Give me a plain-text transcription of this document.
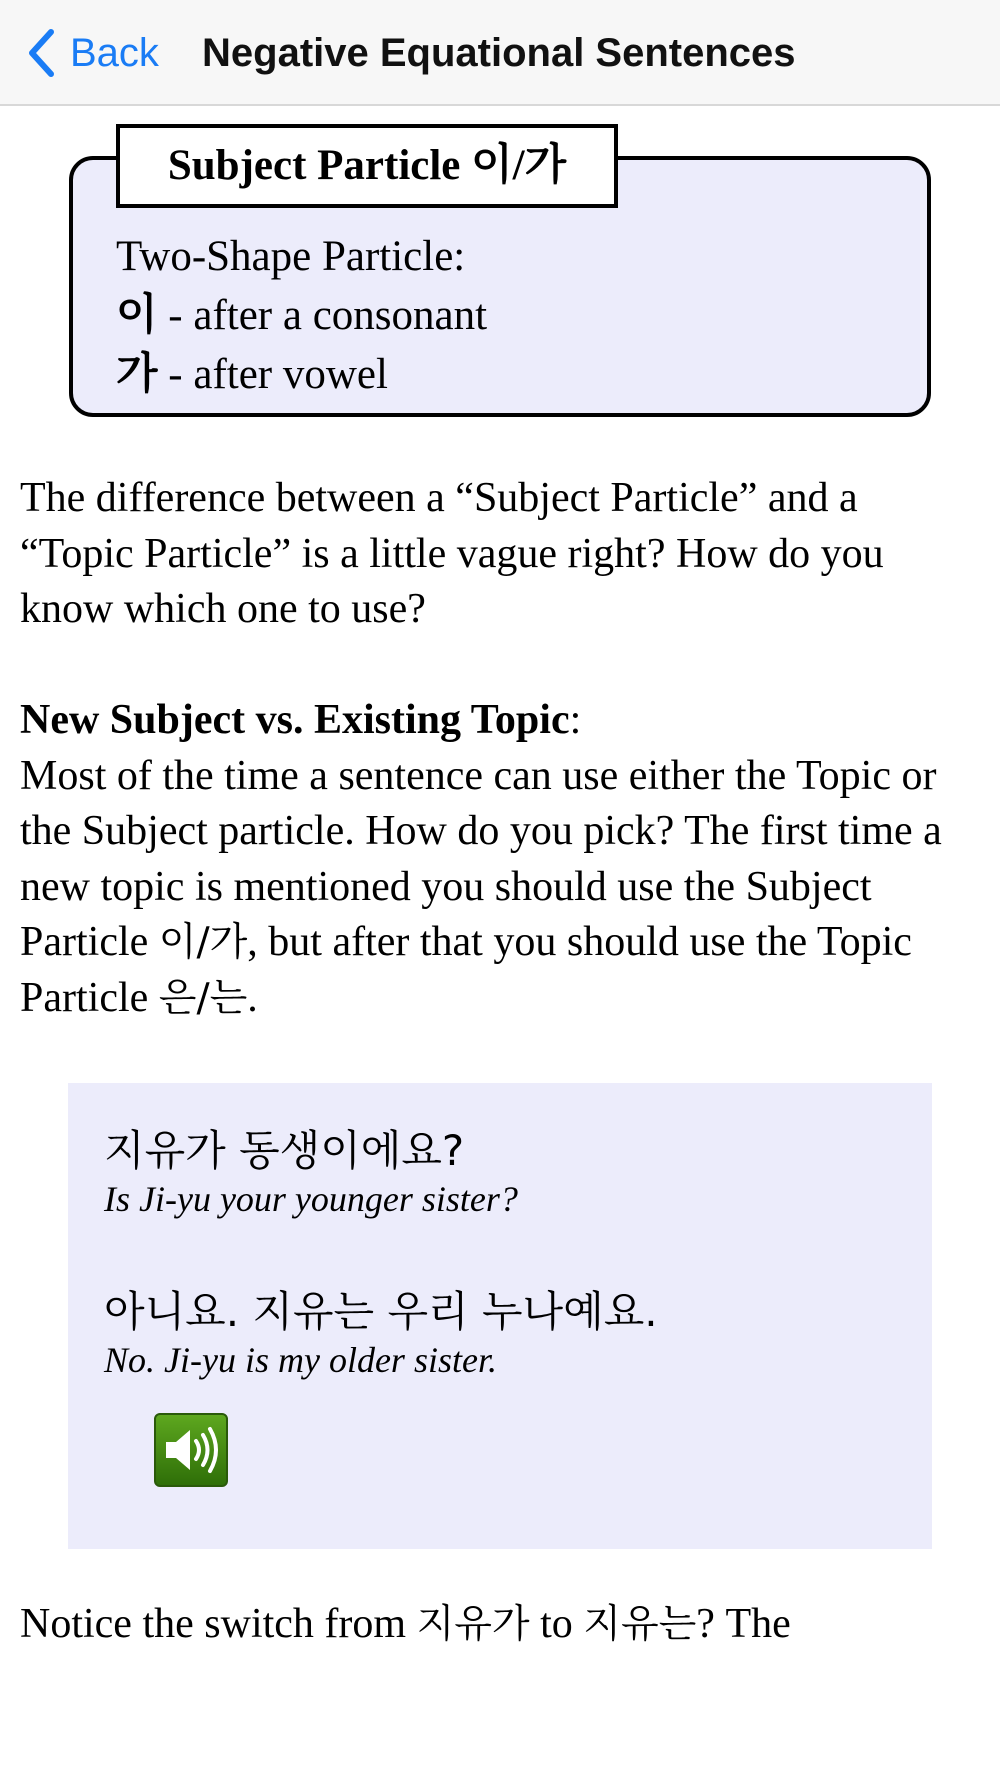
Back Negative Equational Sentences
Subject Particle 이/가
Two-Shape Particle:
이 - after a consonant
가 - after vowel

The difference between a “Subject Particle” and a “Topic Particle” is a little vague right? How do you know which one to use?

New Subject vs. Existing Topic:
Most of the time a sentence can use either the Topic or the Subject particle. How do you pick? The first time a new topic is mentioned you should use the Subject Particle 이/가, but after that you should use the Topic Particle 은/는.

지유가 동생이에요?
Is Ji-yu your younger sister?
아니요. 지유는 우리 누나예요.
No. Ji-yu is my older sister.

Notice the switch from 지유가 to 지유는? The
